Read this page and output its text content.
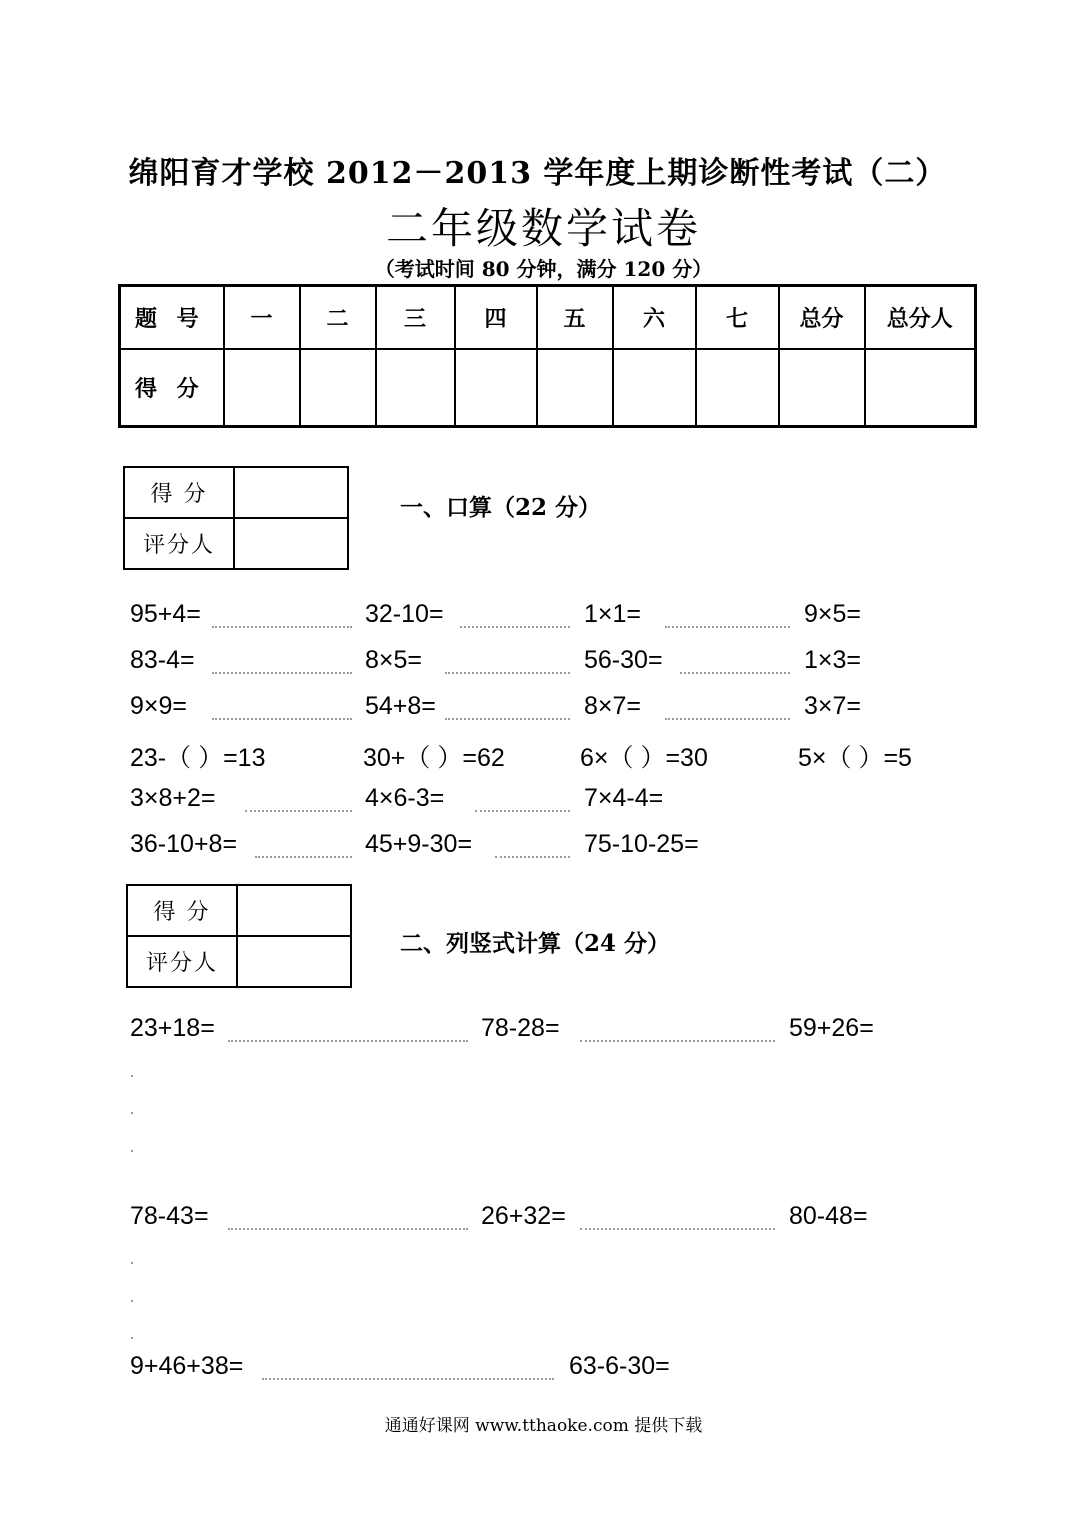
绵阳育才学校 2012－2013 学年度上期诊断性考试（二）
二年级数学试卷
（考试时间 80 分钟，满分 120 分）
题 号	一	二	三	四	五	六	七	总分	总分人
得 分									
得 分	
评分人	
一、口算（22 分）
95+4=	32-10=	1×1=	9×5=
83-4=	8×5=	56-30=	1×3=
9×9=	54+8=	8×7=	3×7=
23-（ ）=13	30+（ ）=62	6×（ ）=30	5×（ ）=5
3×8+2=	4×6-3=	7×4-4=
36-10+8=	45+9-30=	75-10-25=
得 分	
评分人	
二、列竖式计算（24 分）
23+18=	78-28=	59+26=
78-43=	26+32=	80-48=
9+46+38=	63-6-30=
通通好课网 www.tthaoke.com 提供下载
